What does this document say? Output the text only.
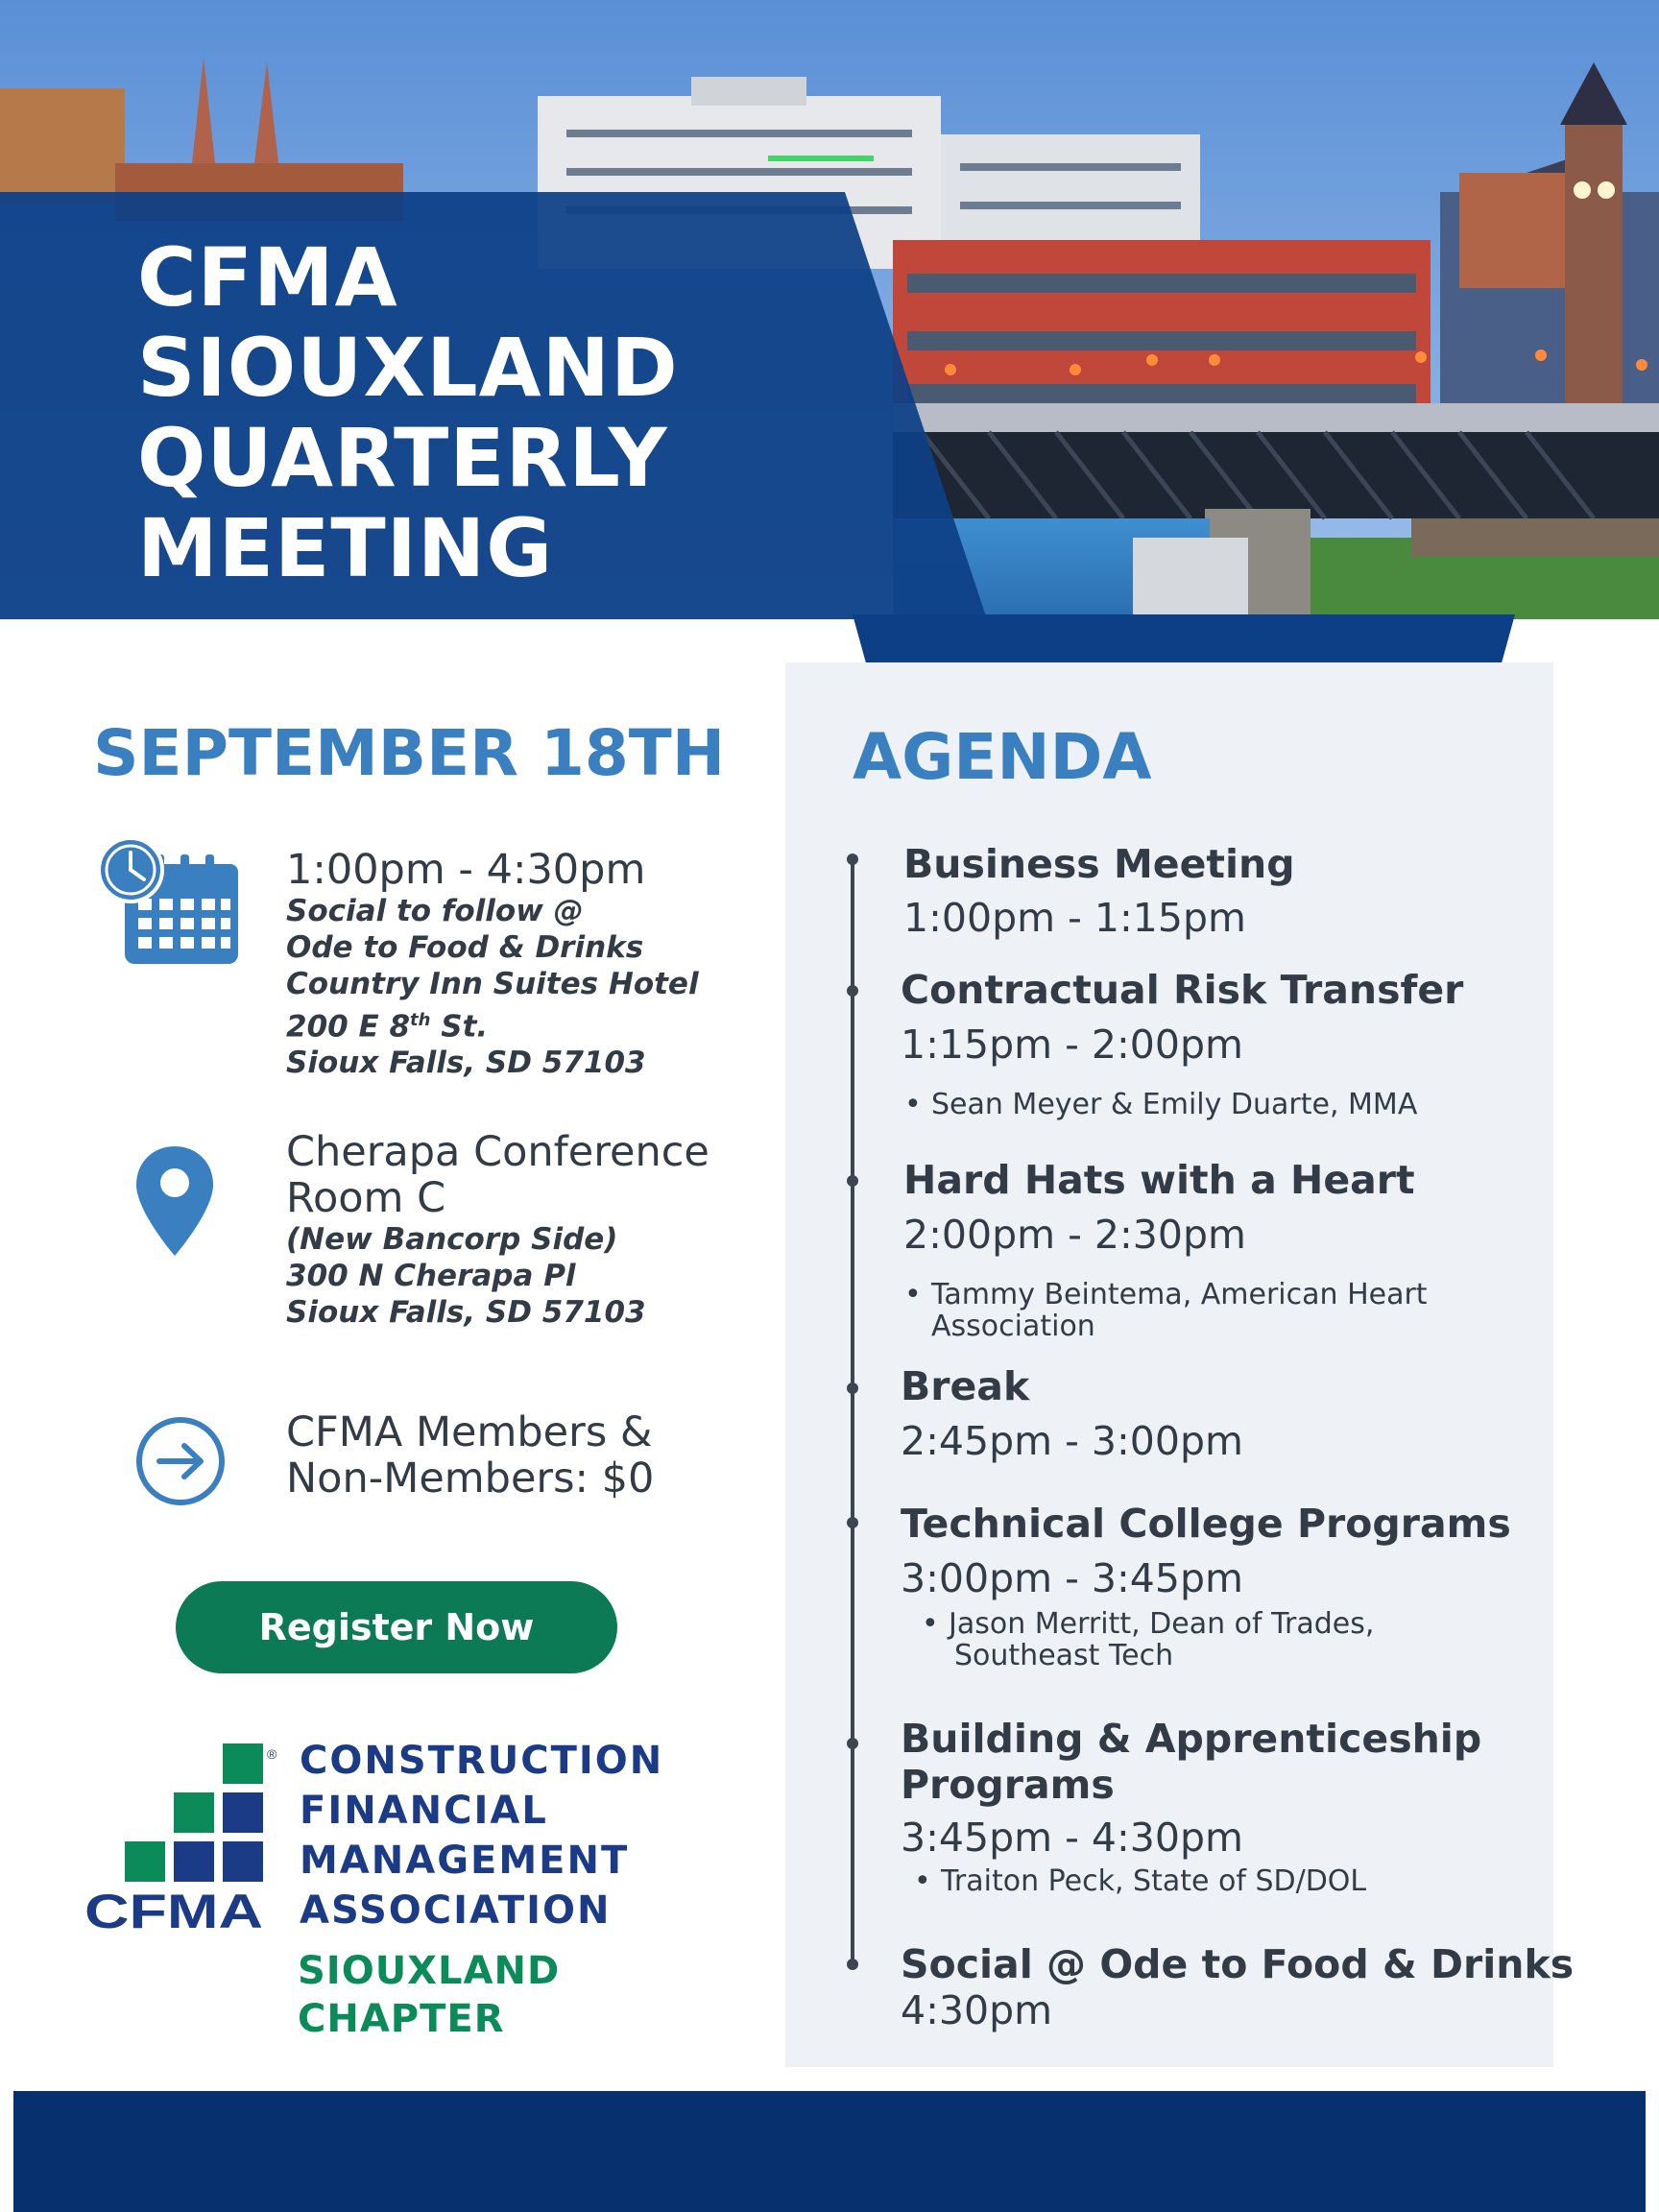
CFMA
SIOUXLAND
QUARTERLY
MEETING
SEPTEMBER 18TH
1:00pm - 4:30pm
Social to follow @
Ode to Food & Drinks
Country Inn Suites Hotel
200 E 8th St.
Sioux Falls, SD 57103
Cherapa Conference
Room C
(New Bancorp Side)
300 N Cherapa Pl
Sioux Falls, SD 57103
CFMA Members &
Non-Members: $0
Register Now
CFMA
® CONSTRUCTION
FINANCIAL
MANAGEMENT
ASSOCIATION
SIOUXLAND
CHAPTER
AGENDA
Business Meeting
1:00pm - 1:15pm
Contractual Risk Transfer
1:15pm - 2:00pm
• Sean Meyer & Emily Duarte, MMA
Hard Hats with a Heart
2:00pm - 2:30pm
• Tammy Beintema, American Heart
Association
Break
2:45pm - 3:00pm
Technical College Programs
3:00pm - 3:45pm
• Jason Merritt, Dean of Trades,
Southeast Tech
Building & Apprenticeship
Programs
3:45pm - 4:30pm
• Traiton Peck, State of SD/DOL
Social @ Ode to Food & Drinks
4:30pm
